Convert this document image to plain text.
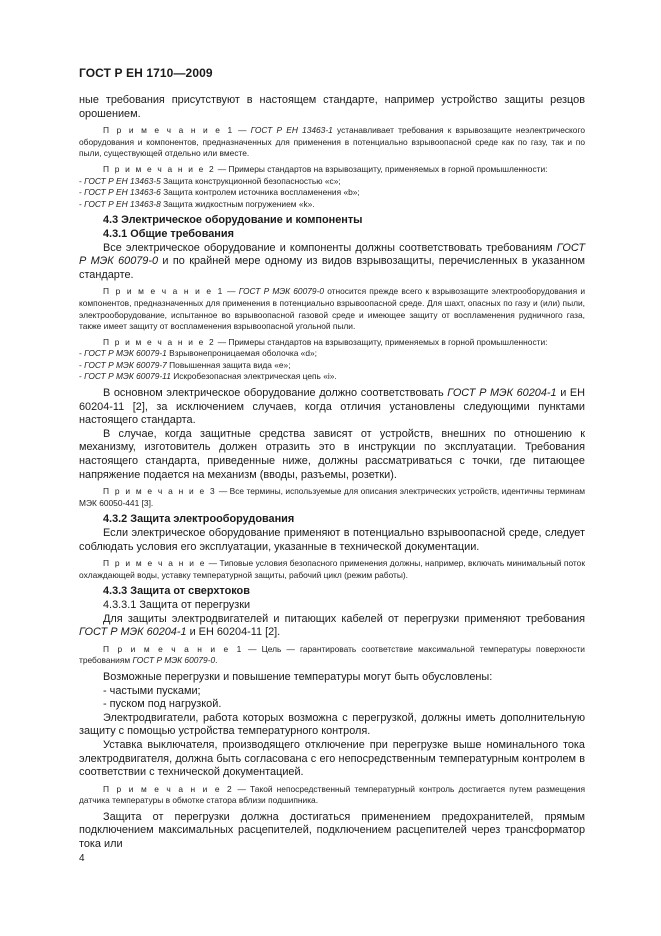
ГОСТ Р ЕН 1710—2009

ные требования присутствуют в настоящем стандарте, например устройство защиты резцов орошением.

П р и м е ч а н и е 1 — ГОСТ Р ЕН 13463-1 устанавливает требования к взрывозащите неэлектрического оборудования и компонентов, предназначенных для применения в потенциально взрывоопасной среде как по газу, так и по пыли, существующей отдельно или вместе.

П р и м е ч а н и е 2 — Примеры стандартов на взрывозащиту, применяемых в горной промышленности:

- ГОСТ Р ЕН 13463-5 Защита конструкционной безопасностью «с»;

- ГОСТ Р ЕН 13463-6 Защита контролем источника воспламенения «b»;

- ГОСТ Р ЕН 13463-8 Защита жидкостным погружением «k».

4.3 Электрическое оборудование и компоненты

4.3.1 Общие требования

Все электрическое оборудование и компоненты должны соответствовать требованиям ГОСТ Р МЭК 60079-0 и по крайней мере одному из видов взрывозащиты, перечисленных в указанном стандарте.

П р и м е ч а н и е 1 — ГОСТ Р МЭК 60079-0 относится прежде всего к взрывозащите электрооборудования и компонентов, предназначенных для применения в потенциально взрывоопасной среде. Для шахт, опасных по газу и (или) пыли, электрооборудование, испытанное во взрывоопасной газовой среде и имеющее защиту от воспламенения рудничного газа, также имеет защиту от воспламенения взрывоопасной угольной пыли.

П р и м е ч а н и е 2 — Примеры стандартов на взрывозащиту, применяемых в горной промышленности:

- ГОСТ Р МЭК 60079-1 Взрывонепроницаемая оболочка «d»;

- ГОСТ Р МЭК 60079-7 Повышенная защита вида «е»;

- ГОСТ Р МЭК 60079-11 Искробезопасная электрическая цепь «i».

В основном электрическое оборудование должно соответствовать ГОСТ Р МЭК 60204-1 и ЕН 60204-11 [2], за исключением случаев, когда отличия установлены следующими пунктами настоящего стандарта.

В случае, когда защитные средства зависят от устройств, внешних по отношению к механизму, изготовитель должен отразить это в инструкции по эксплуатации. Требования настоящего стандарта, приведенные ниже, должны рассматриваться с точки, где питающее напряжение подается на механизм (вводы, разъемы, розетки).

П р и м е ч а н и е 3 — Все термины, используемые для описания электрических устройств, идентичны терминам МЭК 60050-441 [3].

4.3.2 Защита электрооборудования

Если электрическое оборудование применяют в потенциально взрывоопасной среде, следует соблюдать условия его эксплуатации, указанные в технической документации.

П р и м е ч а н и е — Типовые условия безопасного применения должны, например, включать минимальный поток охлаждающей воды, уставку температурной защиты, рабочий цикл (режим работы).

4.3.3 Защита от сверхтоков

4.3.3.1 Защита от перегрузки

Для защиты электродвигателей и питающих кабелей от перегрузки применяют требования ГОСТ Р МЭК 60204-1 и ЕН 60204-11 [2].

П р и м е ч а н и е 1 — Цель — гарантировать соответствие максимальной температуры поверхности требованиям ГОСТ Р МЭК 60079-0.

Возможные перегрузки и повышение температуры могут быть обусловлены:

- частыми пусками;

- пуском под нагрузкой.

Электродвигатели, работа которых возможна с перегрузкой, должны иметь дополнительную защиту с помощью устройства температурного контроля.

Уставка выключателя, производящего отключение при перегрузке выше номинального тока электродвигателя, должна быть согласована с его непосредственным температурным контролем в соответствии с технической документацией.

П р и м е ч а н и е 2 — Такой непосредственный температурный контроль достигается путем размещения датчика температуры в обмотке статора вблизи подшипника.

Защита от перегрузки должна достигаться применением предохранителей, прямым подключением максимальных расцепителей, подключением расцепителей через трансформатор тока или

4
